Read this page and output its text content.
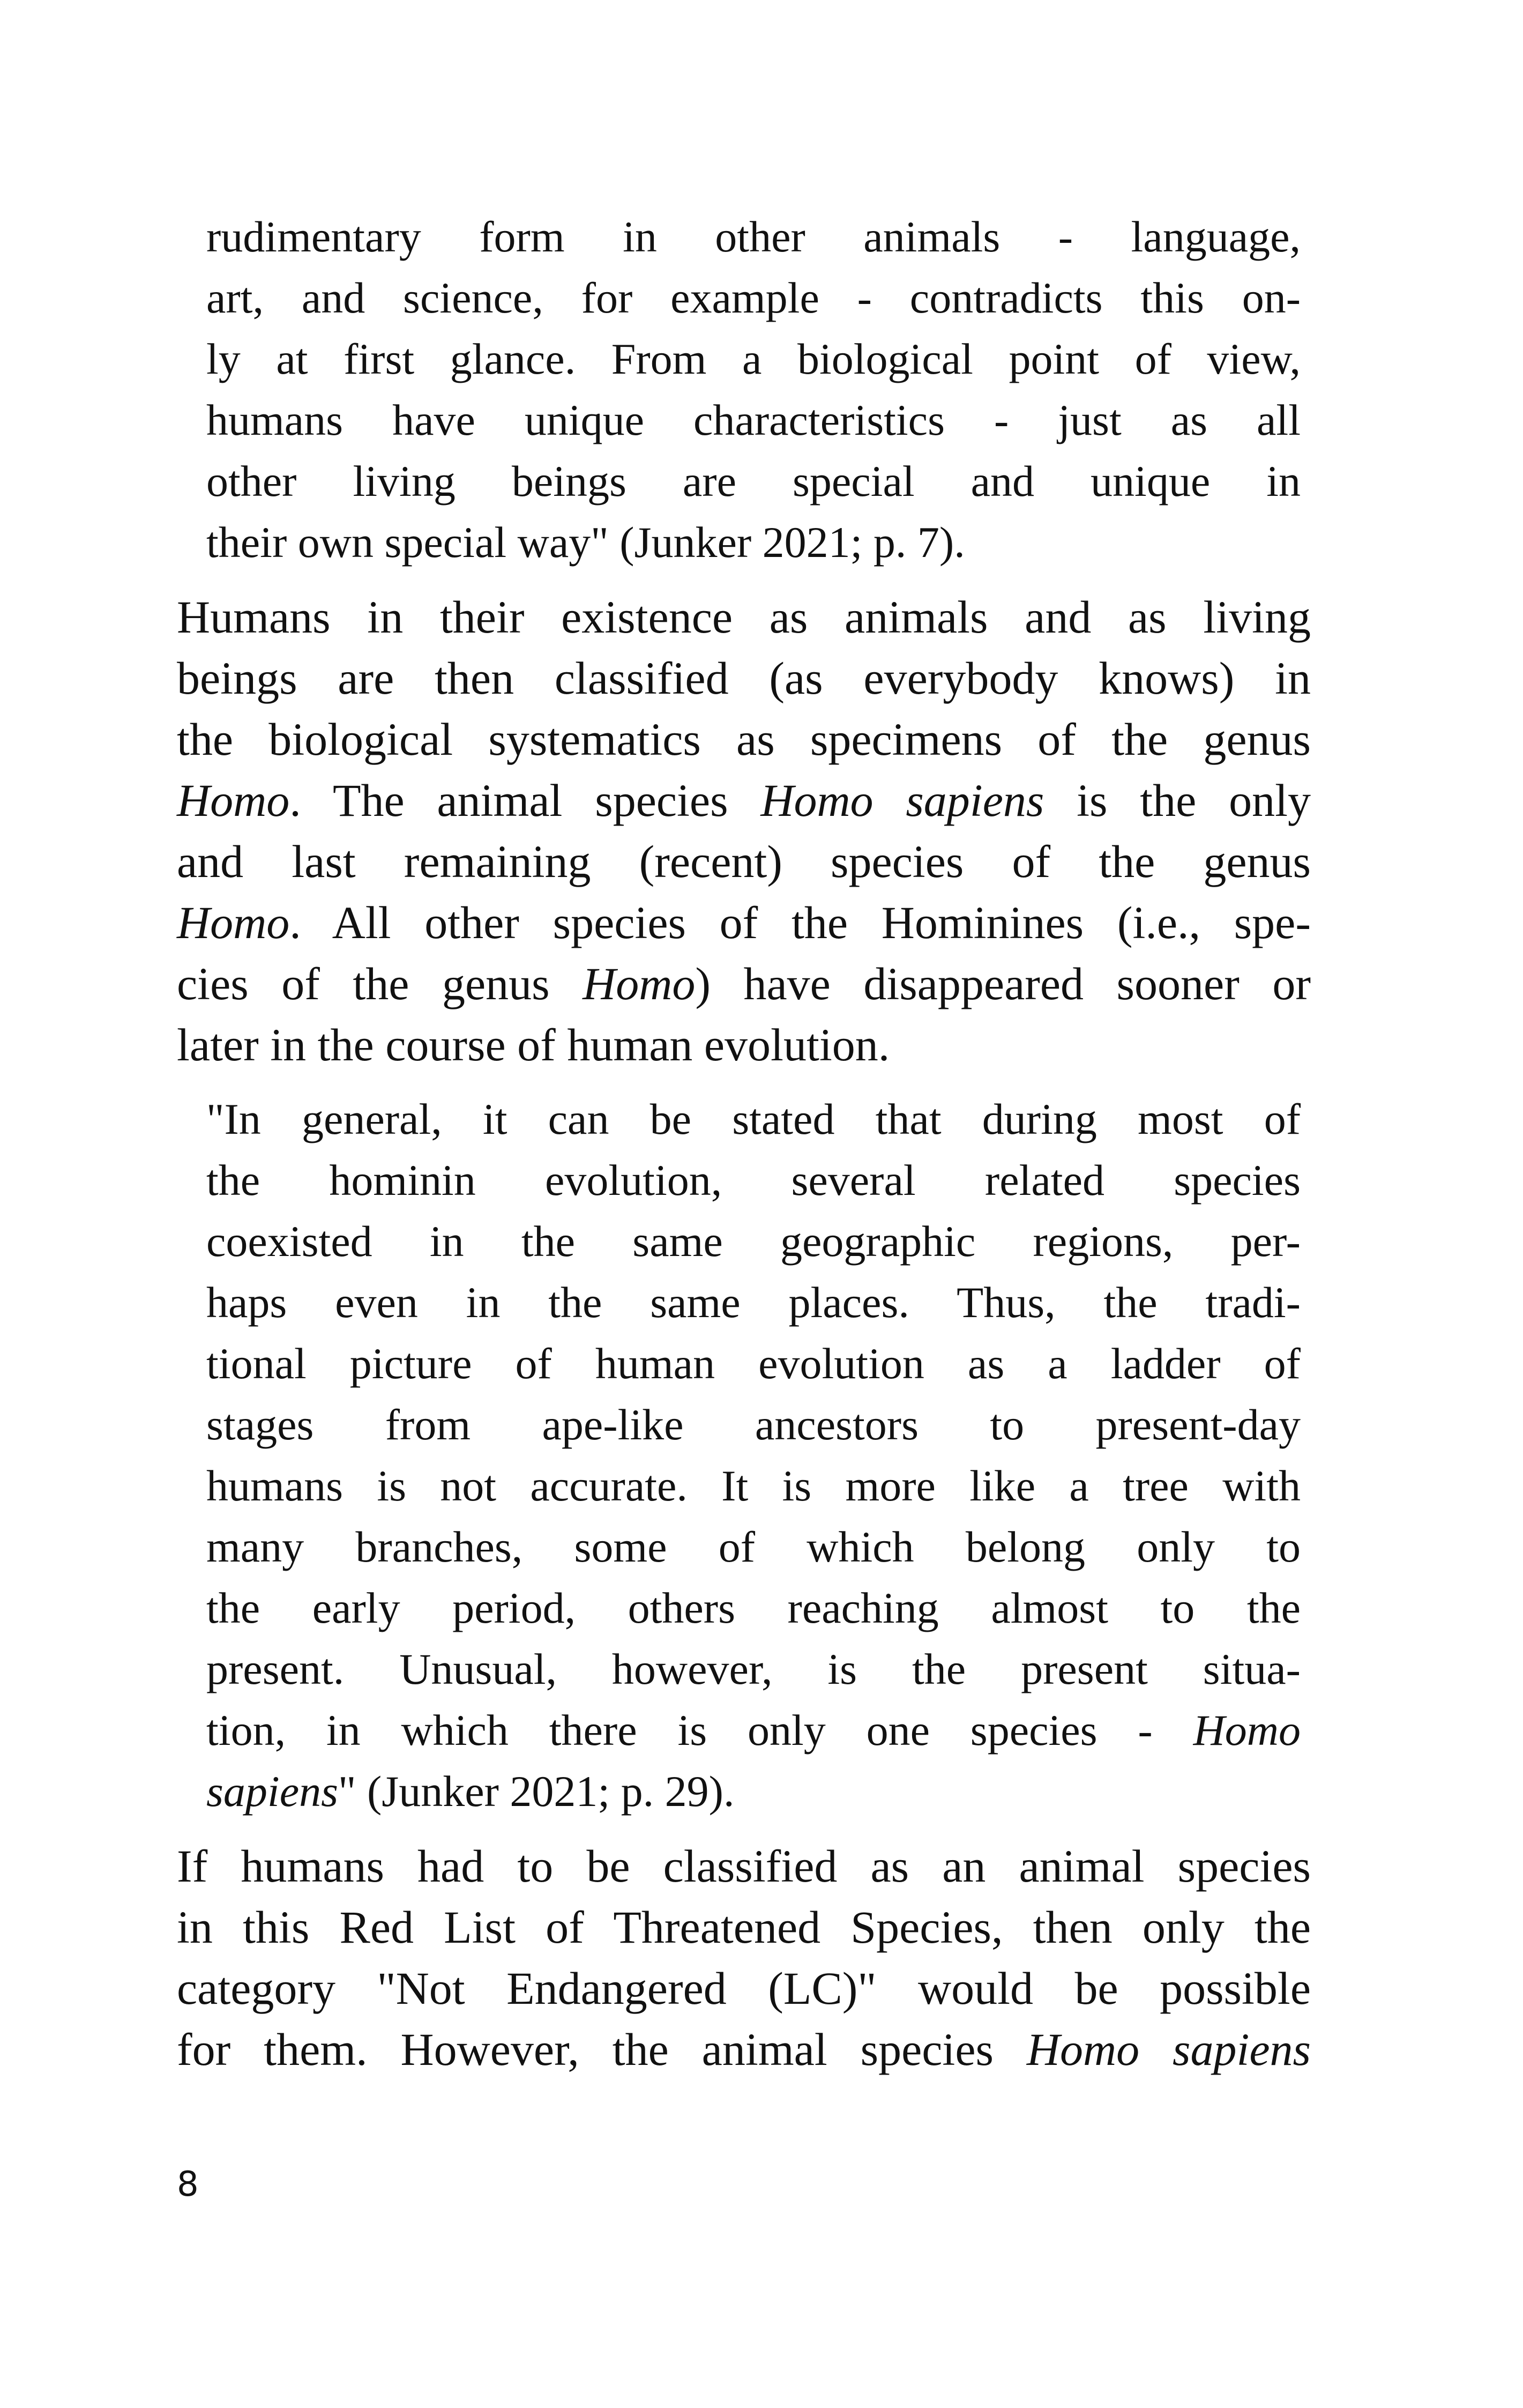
rudimentary form in other animals - language,
art, and science, for example - contradicts this on-
ly at first glance. From a biological point of view,
humans have unique characteristics - just as all
other living beings are special and unique in
their own special way" (Junker 2021; p. 7).
Humans in their existence as animals and as living
beings are then classified (as everybody knows) in
the biological systematics as specimens of the genus
Homo. The animal species Homo sapiens is the only
and last remaining (recent) species of the genus
Homo. All other species of the Hominines (i.e., spe-
cies of the genus Homo) have disappeared sooner or
later in the course of human evolution.
"In general, it can be stated that during most of
the hominin evolution, several related species
coexisted in the same geographic regions, per-
haps even in the same places. Thus, the tradi-
tional picture of human evolution as a ladder of
stages from ape-like ancestors to present-day
humans is not accurate. It is more like a tree with
many branches, some of which belong only to
the early period, others reaching almost to the
present. Unusual, however, is the present situa-
tion, in which there is only one species - Homo
sapiens" (Junker 2021; p. 29).
If humans had to be classified as an animal species
in this Red List of Threatened Species, then only the
category "Not Endangered (LC)" would be possible
for them. However, the animal species Homo sapiens
8
